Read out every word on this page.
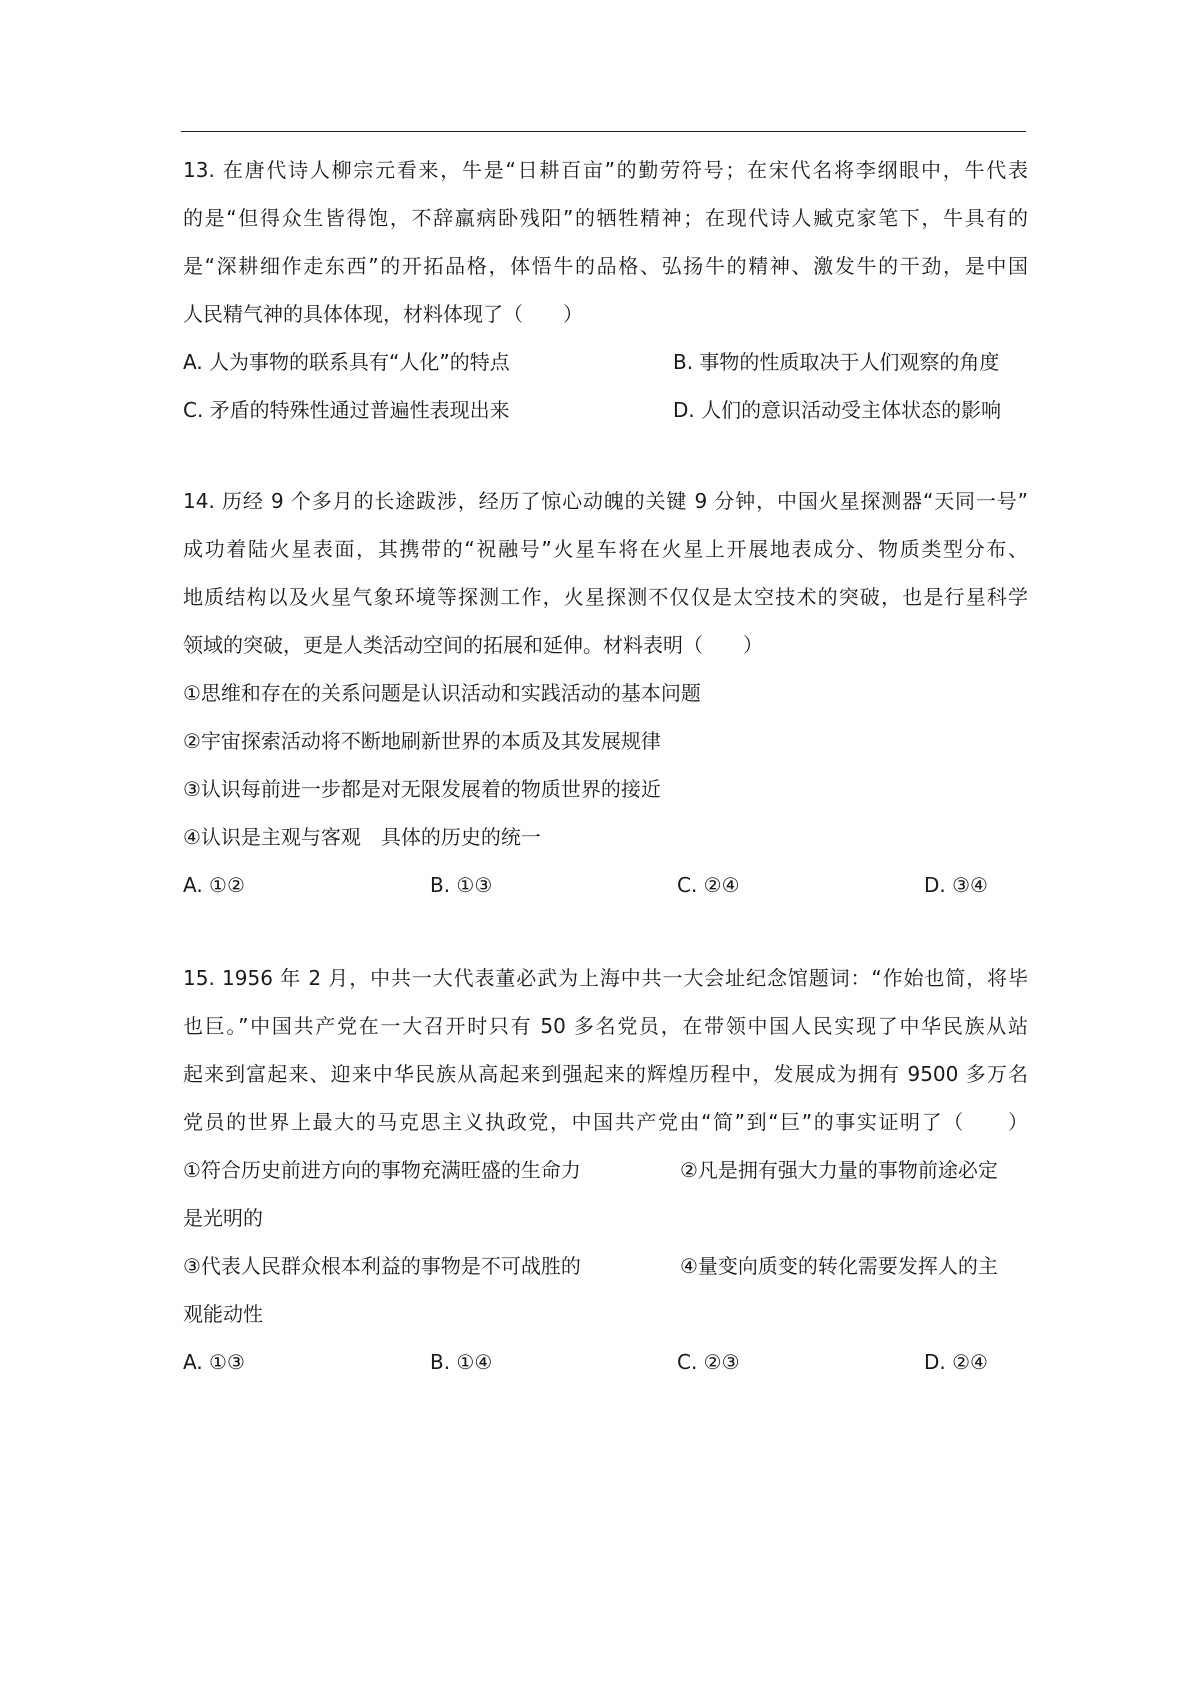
13. 在唐代诗人柳宗元看来，牛是“日耕百亩”的勤劳符号；在宋代名将李纲眼中，牛代表
的是“但得众生皆得饱，不辞羸病卧残阳”的牺牲精神；在现代诗人臧克家笔下，牛具有的
是“深耕细作走东西”的开拓品格，体悟牛的品格、弘扬牛的精神、激发牛的干劲，是中国
人民精气神的具体体现，材料体现了（　　）
A. 人为事物的联系具有“人化”的特点	B. 事物的性质取决于人们观察的角度
C. 矛盾的特殊性通过普遍性表现出来	D. 人们的意识活动受主体状态的影响
14. 历经 9 个多月的长途跋涉，经历了惊心动魄的关键 9 分钟，中国火星探测器“天同一号”
成功着陆火星表面，其携带的“祝融号”火星车将在火星上开展地表成分、物质类型分布、
地质结构以及火星气象环境等探测工作，火星探测不仅仅是太空技术的突破，也是行星科学
领域的突破，更是人类活动空间的拓展和延伸。材料表明（　　）
①思维和存在的关系问题是认识活动和实践活动的基本问题
②宇宙探索活动将不断地刷新世界的本质及其发展规律
③认识每前进一步都是对无限发展着的物质世界的接近
④认识是主观与客观　具体的历史的统一
A. ①②	B. ①③	C. ②④	D. ③④
15. 1956 年 2 月，中共一大代表董必武为上海中共一大会址纪念馆题词：“作始也简，将毕
也巨。”中国共产党在一大召开时只有 50 多名党员，在带领中国人民实现了中华民族从站
起来到富起来、迎来中华民族从高起来到强起来的辉煌历程中，发展成为拥有 9500 多万名
党员的世界上最大的马克思主义执政党，中国共产党由“简”到“巨”的事实证明了（　　）
①符合历史前进方向的事物充满旺盛的生命力	②凡是拥有强大力量的事物前途必定
是光明的
③代表人民群众根本利益的事物是不可战胜的	④量变向质变的转化需要发挥人的主
观能动性
A. ①③	B. ①④	C. ②③	D. ②④
